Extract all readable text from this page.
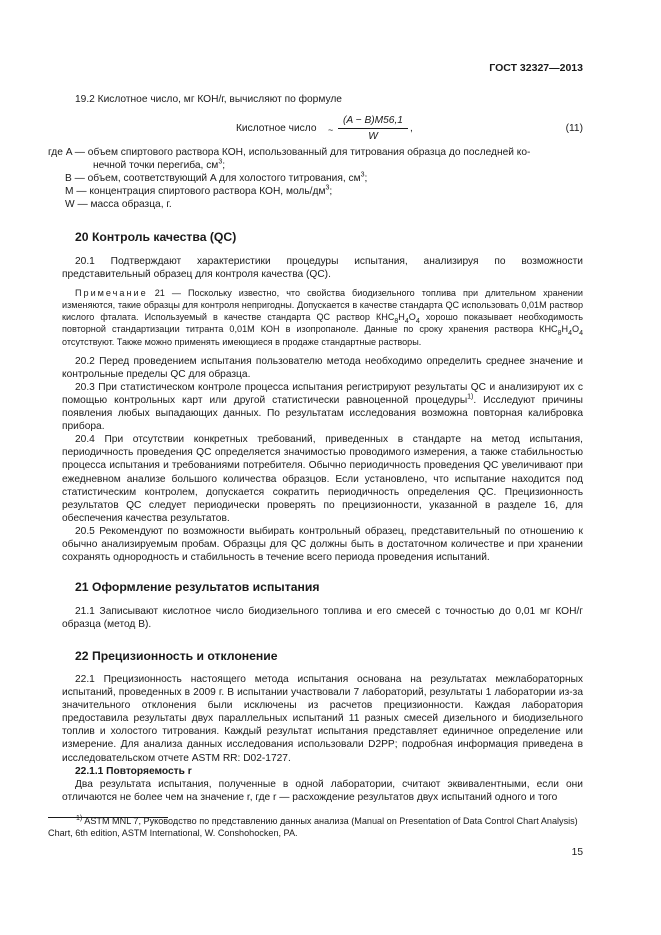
ГОСТ 32327—2013

19.2 Кислотное число, мг КОН/г, вычисляют по формуле

Кислотное число ~ $\frac{(A - B)M56,1}{W}$ ,	(11)

где A — объем спиртового раствора КОН, использованный для титрования образца до последней ко-

нечной точки перегиба, $см^3$;

B — объем, соответствующий A для холостого титрования, $см^3$;

M — концентрация спиртового раствора КОН, моль/$дм^3$;

W — масса образца, г.

20 Контроль качества (QC)

20.1 Подтверждают характеристики процедуры испытания, анализируя по возможности представительный образец для контроля качества (QC).

Примечание 21 — Поскольку известно, что свойства биодизельного топлива при длительном хранении изменяются, такие образцы для контроля непригодны. Допускается в качестве стандарта QC использовать 0,01М раствор кислого фталата. Используемый в качестве стандарта QC раствор $КНС_8Н_4О_4$ хорошо показывает необходимость повторной стандартизации титранта 0,01М КОН в изопропаноле. Данные по сроку хранения раствора $КНС_8Н_4О_4$ отсутствуют. Также можно применять имеющиеся в продаже стандартные растворы.

20.2 Перед проведением испытания пользователю метода необходимо определить среднее значение и контрольные пределы QC для образца.

20.3 При статистическом контроле процесса испытания регистрируют результаты QC и анализируют их с помощью контрольных карт или другой статистически равноценной процедуры$^{1)}$. Исследуют причины появления любых выпадающих данных. По результатам исследования возможна повторная калибровка прибора.

20.4 При отсутствии конкретных требований, приведенных в стандарте на метод испытания, периодичность проведения QC определяется значимостью проводимого измерения, а также стабильностью процесса испытания и требованиями потребителя. Обычно периодичность проведения QC увеличивают при ежедневном анализе большого количества образцов. Если установлено, что испытание находится под статистическим контролем, допускается сократить периодичность определения QC. Прецизионность результатов QC следует периодически проверять по прецизионности, указанной в разделе 16, для обеспечения качества результатов.

20.5 Рекомендуют по возможности выбирать контрольный образец, представительный по отношению к обычно анализируемым пробам. Образцы для QC должны быть в достаточном количестве и при хранении сохранять однородность и стабильность в течение всего периода проведения испытаний.

21 Оформление результатов испытания

21.1 Записывают кислотное число биодизельного топлива и его смесей с точностью до 0,01 мг КОН/г образца (метод В).

22 Прецизионность и отклонение

22.1 Прецизионность настоящего метода испытания основана на результатах межлабораторных испытаний, проведенных в 2009 г. В испытании участвовали 7 лабораторий, результаты 1 лаборатории из-за значительного отклонения были исключены из расчетов прецизионности. Каждая лаборатория предоставила результаты двух параллельных испытаний 11 разных смесей дизельного и биодизельного топлив и холостого титрования. Каждый результат испытания представляет единичное определение или измерение. Для анализа данных исследования использовали D2PP; подробная информация приведена в исследовательском отчете ASTM RR: D02-1727.

22.1.1 Повторяемость r

Два результата испытания, полученные в одной лаборатории, считают эквивалентными, если они отличаются не более чем на значение r, где r — расхождение результатов двух испытаний одного и того

$^{1)}$ ASTM MNL 7, Руководство по представлению данных анализа (Manual on Presentation of Data Control Chart Analysis) Chart, 6th edition, ASTM International, W. Conshohocken, PA.

15
